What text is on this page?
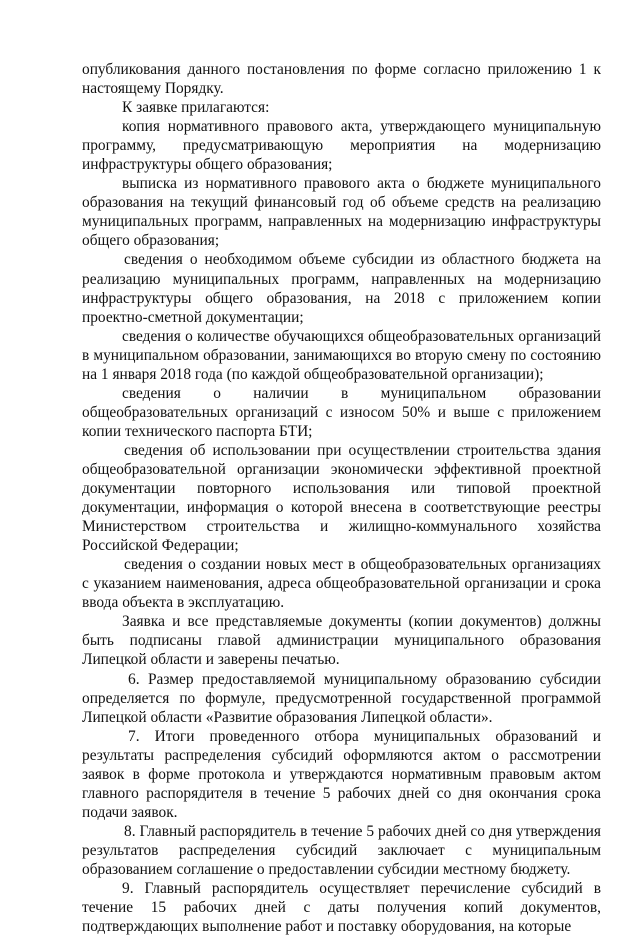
опубликования данного постановления по форме согласно приложению 1 к настоящему Порядку.

К заявке прилагаются:

копия нормативного правового акта, утверждающего муниципальную программу, предусматривающую мероприятия на модернизацию инфраструктуры общего образования;

выписка из нормативного правового акта о бюджете муниципального образования на текущий финансовый год об объеме средств на реализацию муниципальных программ, направленных на модернизацию инфраструктуры общего образования;

сведения о необходимом объеме субсидии из областного бюджета на реализацию муниципальных программ, направленных на модернизацию инфраструктуры общего образования, на 2018 с приложением копии проектно-сметной документации;

сведения о количестве обучающихся общеобразовательных организаций в муниципальном образовании, занимающихся во вторую смену по состоянию на 1 января 2018 года (по каждой общеобразовательной организации);

сведения о наличии в муниципальном образовании общеобразовательных организаций с износом 50% и выше с приложением копии технического паспорта БТИ;

сведения об использовании при осуществлении строительства здания общеобразовательной организации экономически эффективной проектной документации повторного использования или типовой проектной документации, информация о которой внесена в соответствующие реестры Министерством строительства и жилищно-коммунального хозяйства Российской Федерации;

сведения о создании новых мест в общеобразовательных организациях с указанием наименования, адреса общеобразовательной организации и срока ввода объекта в эксплуатацию.

Заявка и все представляемые документы (копии документов) должны быть подписаны главой администрации муниципального образования Липецкой области и заверены печатью.

6. Размер предоставляемой муниципальному образованию субсидии определяется по формуле, предусмотренной государственной программой Липецкой области «Развитие образования Липецкой области».

7. Итоги проведенного отбора муниципальных образований и результаты распределения субсидий оформляются актом о рассмотрении заявок в форме протокола и утверждаются нормативным правовым актом главного распорядителя в течение 5 рабочих дней со дня окончания срока подачи заявок.

8. Главный распорядитель в течение 5 рабочих дней со дня утверждения результатов распределения субсидий заключает с муниципальным образованием соглашение о предоставлении субсидии местному бюджету.

9. Главный распорядитель осуществляет перечисление субсидий в течение 15 рабочих дней с даты получения копий документов, подтверждающих выполнение работ и поставку оборудования, на которые
